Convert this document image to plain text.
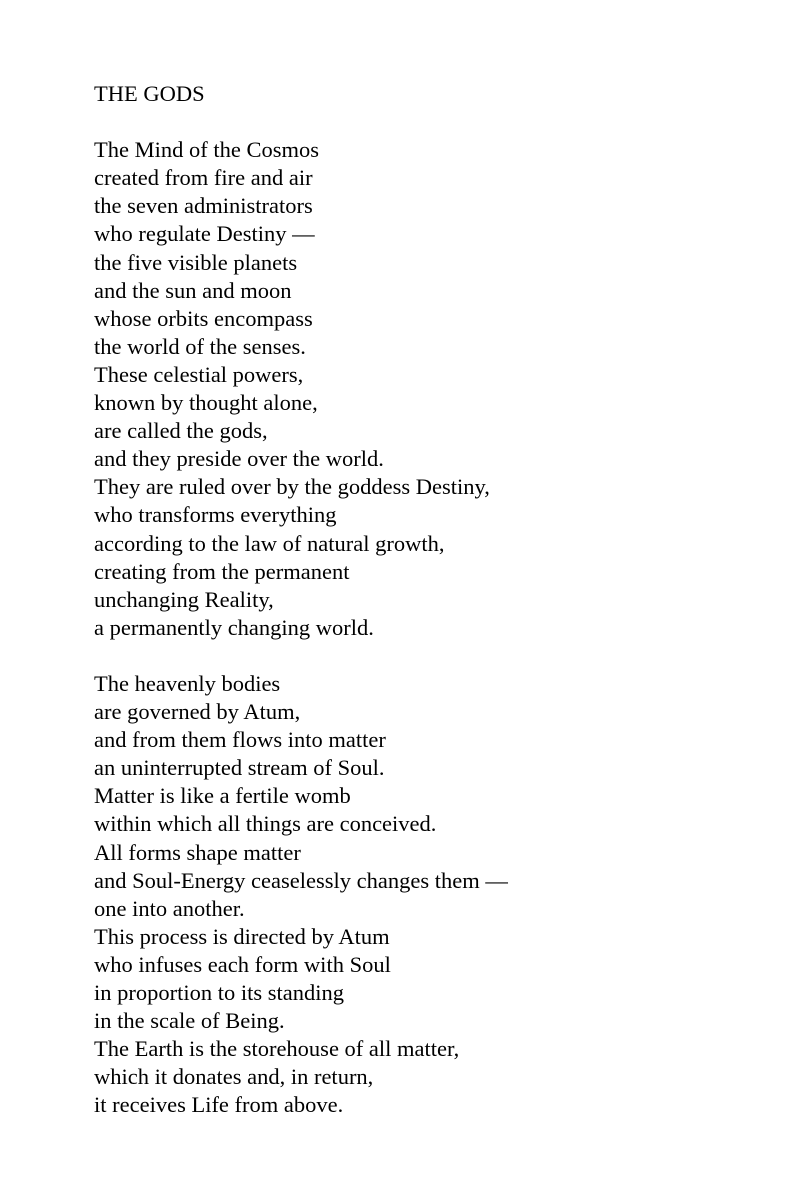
THE GODS
The Mind of the Cosmos
created from fire and air
the seven administrators
who regulate Destiny —
the five visible planets
and the sun and moon
whose orbits encompass
the world of the senses.
These celestial powers,
known by thought alone,
are called the gods,
and they preside over the world.
They are ruled over by the goddess Destiny,
who transforms everything
according to the law of natural growth,
creating from the permanent
unchanging Reality,
a permanently changing world.
The heavenly bodies
are governed by Atum,
and from them flows into matter
an uninterrupted stream of Soul.
Matter is like a fertile womb
within which all things are conceived.
All forms shape matter
and Soul-Energy ceaselessly changes them —
one into another.
This process is directed by Atum
who infuses each form with Soul
in proportion to its standing
in the scale of Being.
The Earth is the storehouse of all matter,
which it donates and, in return,
it receives Life from above.
